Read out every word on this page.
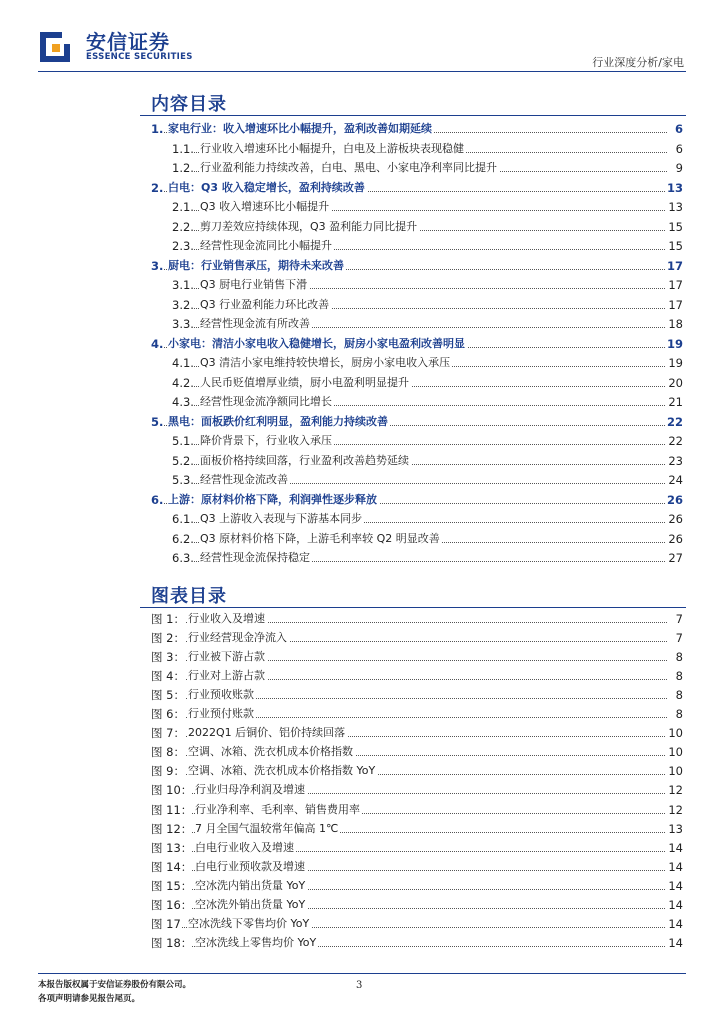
安信证券
ESSENCE SECURITIES	行业深度分析/家电
内容目录
1. 家电行业：收入增速环比小幅提升，盈利改善如期延续	6
1.1. 行业收入增速环比小幅提升，白电及上游板块表现稳健	6
1.2. 行业盈利能力持续改善，白电、黑电、小家电净利率同比提升	9
2. 白电：Q3 收入稳定增长，盈利持续改善	13
2.1. Q3 收入增速环比小幅提升	13
2.2. 剪刀差效应持续体现，Q3 盈利能力同比提升	15
2.3. 经营性现金流同比小幅提升	15
3. 厨电：行业销售承压，期待未来改善	17
3.1. Q3 厨电行业销售下滑	17
3.2. Q3 行业盈利能力环比改善	17
3.3. 经营性现金流有所改善	18
4. 小家电：清洁小家电收入稳健增长，厨房小家电盈利改善明显	19
4.1. Q3 清洁小家电维持较快增长，厨房小家电收入承压	19
4.2. 人民币贬值增厚业绩，厨小电盈利明显提升	20
4.3. 经营性现金流净额同比增长	21
5. 黑电：面板跌价红利明显，盈利能力持续改善	22
5.1. 降价背景下，行业收入承压	22
5.2. 面板价格持续回落，行业盈利改善趋势延续	23
5.3. 经营性现金流改善	24
6. 上游：原材料价格下降，利润弹性逐步释放	26
6.1. Q3 上游收入表现与下游基本同步	26
6.2. Q3 原材料价格下降，上游毛利率较 Q2 明显改善	26
6.3. 经营性现金流保持稳定	27
图表目录
图 1： 行业收入及增速	7
图 2： 行业经营现金净流入	7
图 3： 行业被下游占款	8
图 4： 行业对上游占款	8
图 5： 行业预收账款	8
图 6： 行业预付账款	8
图 7： 2022Q1 后铜价、铝价持续回落	10
图 8： 空调、冰箱、洗衣机成本价格指数	10
图 9： 空调、冰箱、洗衣机成本价格指数 YoY	10
图 10： 行业归母净利润及增速	12
图 11： 行业净利率、毛利率、销售费用率	12
图 12： 7 月全国气温较常年偏高 1℃	13
图 13： 白电行业收入及增速	14
图 14： 白电行业预收款及增速	14
图 15： 空冰洗内销出货量 YoY	14
图 16： 空冰洗外销出货量 YoY	14
图 17 空冰洗线下零售均价 YoY	14
图 18： 空冰洗线上零售均价 YoY	14
本报告版权属于安信证券股份有限公司。
各项声明请参见报告尾页。
3
